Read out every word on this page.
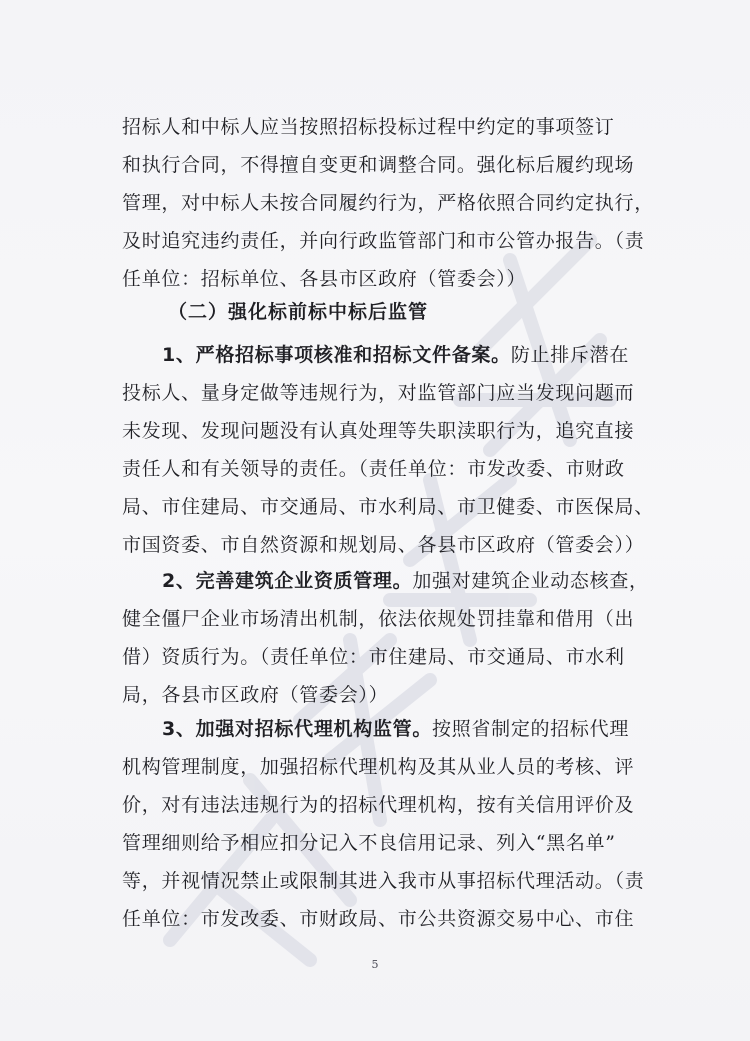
招标人和中标人应当按照招标投标过程中约定的事项签订
和执行合同，不得擅自变更和调整合同。强化标后履约现场
管理，对中标人未按合同履约行为，严格依照合同约定执行，
及时追究违约责任，并向行政监管部门和市公管办报告。（责
任单位：招标单位、各县市区政府（管委会））
（二）强化标前标中标后监管
1、严格招标事项核准和招标文件备案。防止排斥潜在
投标人、量身定做等违规行为，对监管部门应当发现问题而
未发现、发现问题没有认真处理等失职渎职行为，追究直接
责任人和有关领导的责任。（责任单位：市发改委、市财政
局、市住建局、市交通局、市水利局、市卫健委、市医保局、
市国资委、市自然资源和规划局、各县市区政府（管委会））
2、完善建筑企业资质管理。加强对建筑企业动态核查，
健全僵尸企业市场清出机制，依法依规处罚挂靠和借用（出
借）资质行为。（责任单位：市住建局、市交通局、市水利
局，各县市区政府（管委会））
3、加强对招标代理机构监管。按照省制定的招标代理
机构管理制度，加强招标代理机构及其从业人员的考核、评
价，对有违法违规行为的招标代理机构，按有关信用评价及
管理细则给予相应扣分记入不良信用记录、列入“黑名单”
等，并视情况禁止或限制其进入我市从事招标代理活动。（责
任单位：市发改委、市财政局、市公共资源交易中心、市住
5
